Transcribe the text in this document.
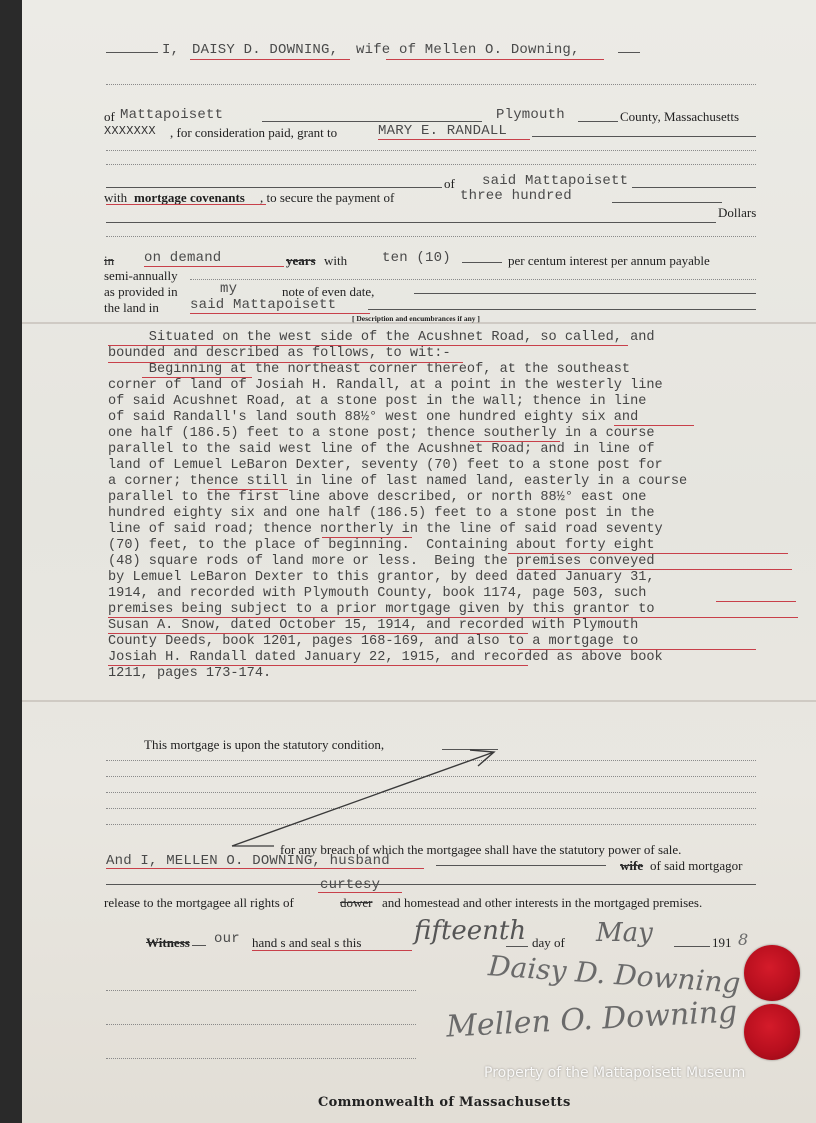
I, DAISY D. DOWNING, wife of Mellen O. Downing,
of Mattapoisett	Plymouth	County, Massachusetts
XXXXXXX , for consideration paid, grant to	MARY E. RANDALL
of said Mattapoisett
with mortgage covenants , to secure the payment of	three hundred
Dollars
in on demand	years with ten (10)	per centum interest per annum payable
semi-annually
as provided in	my	note of even date,
the land in said Mattapoisett
[ Description and encumbrances if any ]
Situated on the west side of the Acushnet Road, so called, and
bounded and described as follows, to wit:-
Beginning at the northeast corner thereof, at the southeast
corner of land of Josiah H. Randall, at a point in the westerly line
of said Acushnet Road, at a stone post in the wall; thence in line
of said Randall's land south 88½° west one hundred eighty six and
one half (186.5) feet to a stone post; thence southerly in a course
parallel to the said west line of the Acushnet Road; and in line of
land of Lemuel LeBaron Dexter, seventy (70) feet to a stone post for
a corner; thence still in line of last named land, easterly in a course
parallel to the first line above described, or north 88½° east one
hundred eighty six and one half (186.5) feet to a stone post in the
line of said road; thence northerly in the line of said road seventy
(70) feet, to the place of beginning.  Containing about forty eight
(48) square rods of land more or less.  Being the premises conveyed
by Lemuel LeBaron Dexter to this grantor, by deed dated January 31,
1914, and recorded with Plymouth County, book 1174, page 503, such
premises being subject to a prior mortgage given by this grantor to
Susan A. Snow, dated October 15, 1914, and recorded with Plymouth
County Deeds, book 1201, pages 168-169, and also to a mortgage to
Josiah H. Randall dated January 22, 1915, and recorded as above book
1211, pages 173-174.
This mortgage is upon the statutory condition,
for any breach of which the mortgagee shall have the statutory power of sale.
And I, MELLEN O. DOWNING, husband	wife of said mortgagor
curtesy
release to the mortgagee all rights of	dower and homestead and other interests in the mortgaged premises.
Witness our hand s and seal s this fifteenth day of May	191 8
Daisy D. Downing
Mellen O. Downing
Commonwealth of Massachusetts
Property of the Mattapoisett Museum
